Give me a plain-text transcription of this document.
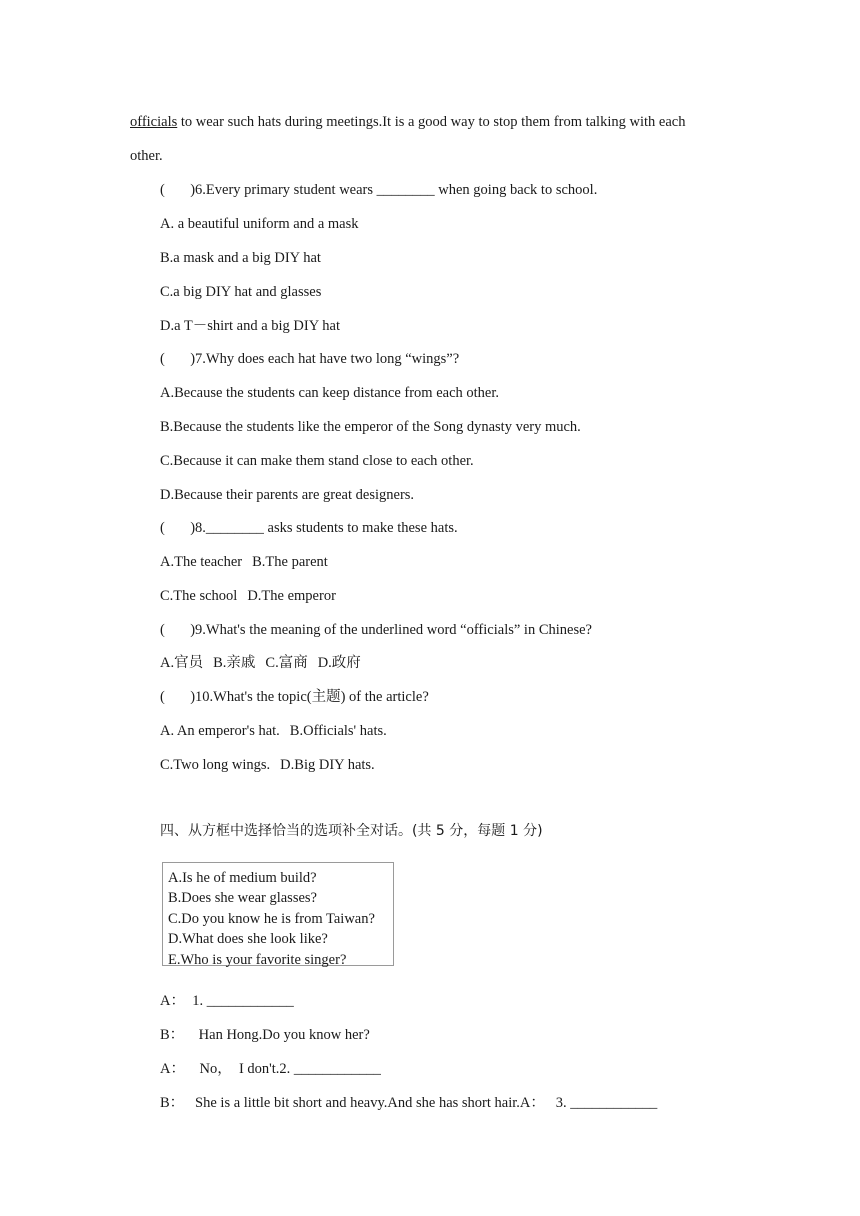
officials to wear such hats during meetings.It is a good way to stop them from talking with each
other.
(       )6.Every primary student wears ________ when going back to school.
A. a beautiful uniform and a mask
B.a mask and a big DIY hat
C.a big DIY hat and glasses
D.a T－shirt and a big DIY hat
(       )7.Why does each hat have two long “wings”?
A.Because the students can keep distance from each other.
B.Because the students like the emperor of the Song dynasty very much.
C.Because it can make them stand close to each other.
D.Because their parents are great designers.
(       )8.________ asks students to make these hats.
A.The teacher B.The parent
C.The school D.The emperor
(       )9.What's the meaning of the underlined word “officials” in Chinese?
A.官员 B.亲戚 C.富商 D.政府
(       )10.What's the topic(主题) of the article?
A. An emperor's hat. B.Officials' hats.
C.Two long wings. D.Big DIY hats.
四、从方框中选择恰当的选项补全对话。(共 5 分，每题 1 分)
A.Is he of medium build?
B.Does she wear glasses?
C.Do you know he is from Taiwan?
D.What does she look like?
E.Who is your favorite singer?
A：  1. ____________
B：    Han Hong.Do you know her?
A：    No，  I don't.2. ____________
B：   She is a little bit short and heavy.And she has short hair.A：   3. ____________
